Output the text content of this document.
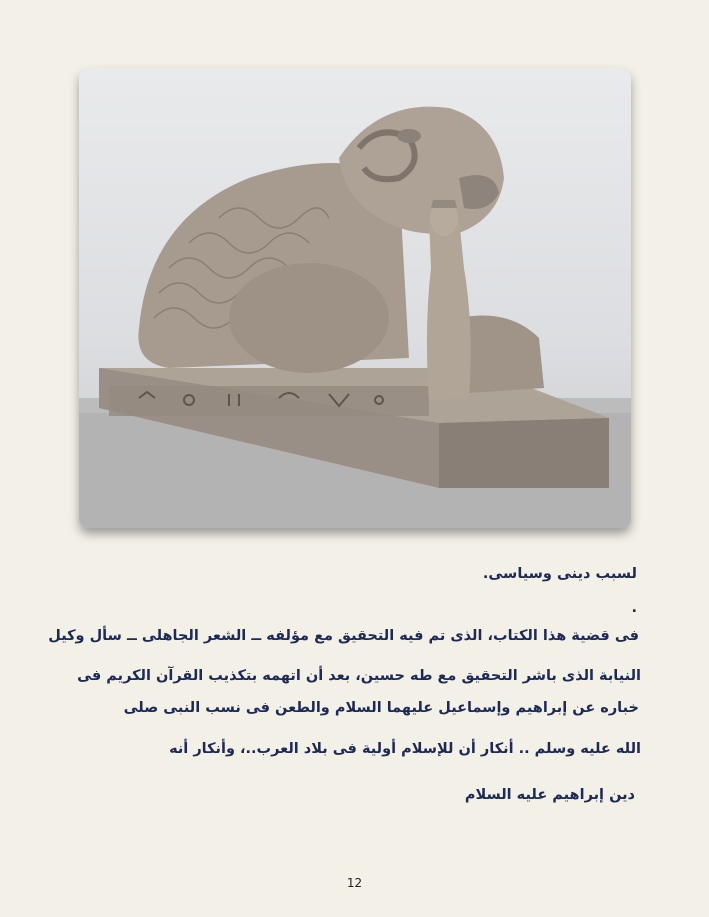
لسبب دينى وسياسى.
.
فى قضية هذا الكتاب، الذى تم فيه التحقيق مع مؤلفه ــ الشعر الجاهلى ــ سأل وكيل
النيابة الذى باشر التحقيق مع طه حسين، بعد أن اتهمه بتكذيب القرآن الكريم فى
خباره عن إبراهيم وإسماعيل عليهما السلام والطعن فى نسب النبى صلى
الله عليه وسلم .. أنكار أن للإسلام أولية فى بلاد العرب..، وأنكار أنه
دين إبراهيم عليه السلام
12
